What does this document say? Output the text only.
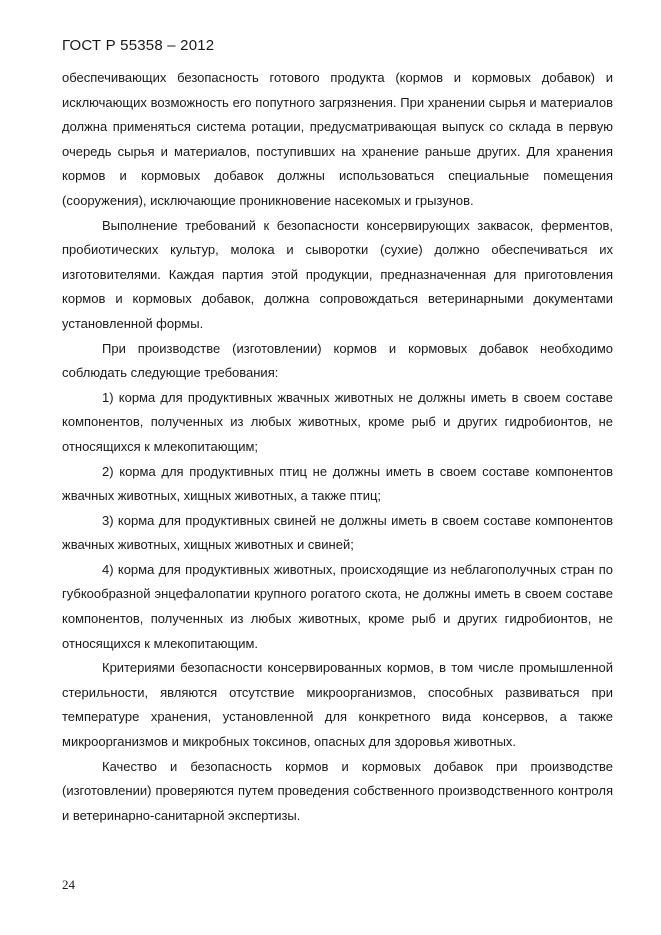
ГОСТ Р 55358 – 2012

обеспечивающих безопасность готового продукта (кормов и кормовых добавок) и исключающих возможность его попутного загрязнения. При хранении сырья и материалов должна применяться система ротации, предусматривающая выпуск со склада в первую очередь сырья и материалов, поступивших на хранение раньше других. Для хранения кормов и кормовых добавок должны использоваться специальные помещения (сооружения), исключающие проникновение насекомых и грызунов.

Выполнение требований к безопасности консервирующих заквасок, ферментов, пробиотических культур, молока и сыворотки (сухие) должно обеспечиваться их изготовителями. Каждая партия этой продукции, предназначенная для приготовления кормов и кормовых добавок, должна сопровождаться ветеринарными документами установленной формы.

При производстве (изготовлении) кормов и кормовых добавок необходимо соблюдать следующие требования:

1) корма для продуктивных жвачных животных не должны иметь в своем составе компонентов, полученных из любых животных, кроме рыб и других гидробионтов, не относящихся к млекопитающим;

2) корма для продуктивных птиц не должны иметь в своем составе компонентов жвачных животных, хищных животных, а также птиц;

3) корма для продуктивных свиней не должны иметь в своем составе компонентов жвачных животных, хищных животных и свиней;

4) корма для продуктивных животных, происходящие из неблагополучных стран по губкообразной энцефалопатии крупного рогатого скота, не должны иметь в своем составе компонентов, полученных из любых животных, кроме рыб и других гидробионтов, не относящихся к млекопитающим.

Критериями безопасности консервированных кормов, в том числе промышленной стерильности, являются отсутствие микроорганизмов, способных развиваться при температуре хранения, установленной для конкретного вида консервов, а также микроорганизмов и микробных токсинов, опасных для здоровья животных.

Качество и безопасность кормов и кормовых добавок при производстве (изготовлении) проверяются путем проведения собственного производственного контроля и ветеринарно-санитарной экспертизы.

24
